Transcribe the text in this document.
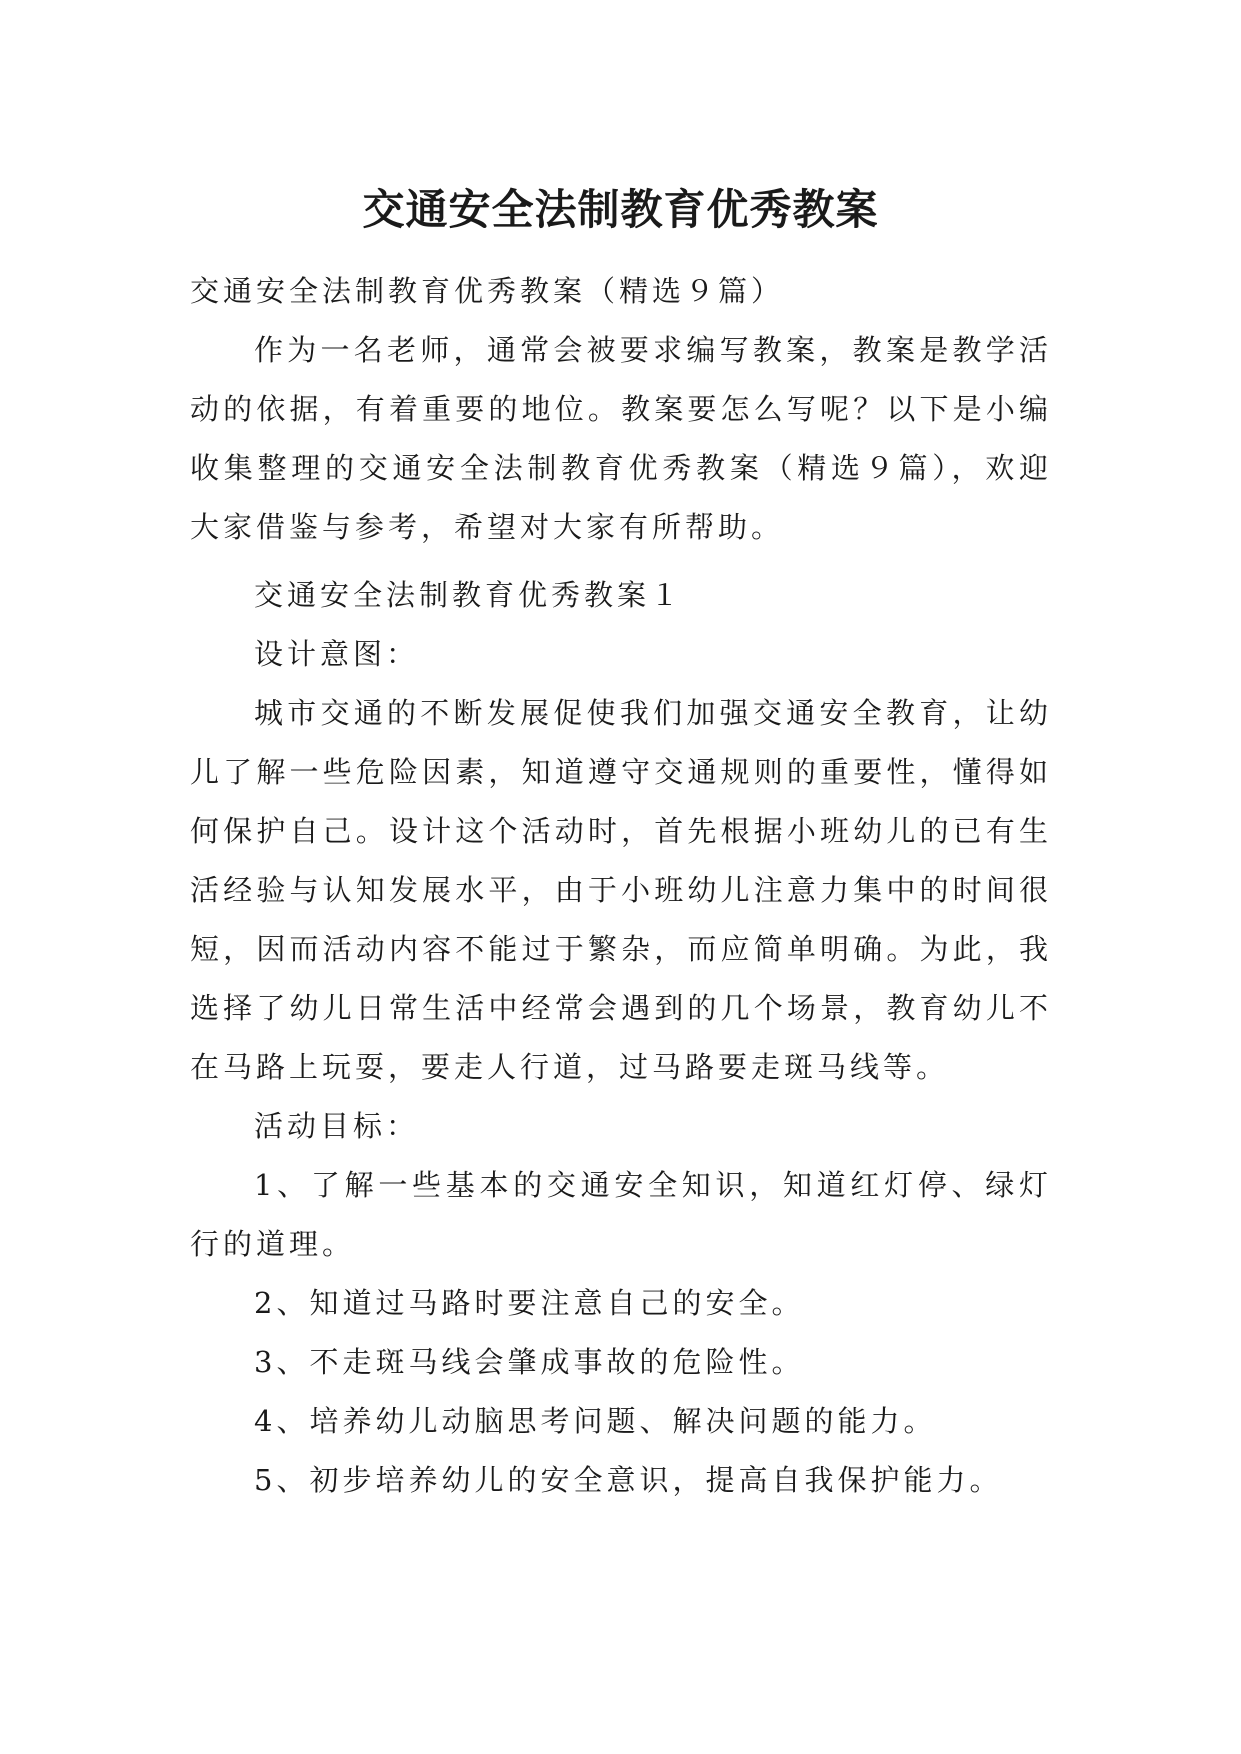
交通安全法制教育优秀教案

交通安全法制教育优秀教案（精选９篇）

作为一名老师，通常会被要求编写教案，教案是教学活动的依据，有着重要的地位。教案要怎么写呢？以下是小编收集整理的交通安全法制教育优秀教案（精选９篇），欢迎大家借鉴与参考，希望对大家有所帮助。

交通安全法制教育优秀教案１

设计意图：

城市交通的不断发展促使我们加强交通安全教育，让幼儿了解一些危险因素，知道遵守交通规则的重要性，懂得如何保护自己。设计这个活动时，首先根据小班幼儿的已有生活经验与认知发展水平，由于小班幼儿注意力集中的时间很短，因而活动内容不能过于繁杂，而应简单明确。为此，我选择了幼儿日常生活中经常会遇到的几个场景，教育幼儿不在马路上玩耍，要走人行道，过马路要走斑马线等。

活动目标：

1、了解一些基本的交通安全知识，知道红灯停、绿灯行的道理。

2、知道过马路时要注意自己的安全。

3、不走斑马线会肇成事故的危险性。

4、培养幼儿动脑思考问题、解决问题的能力。

5、初步培养幼儿的安全意识，提高自我保护能力。
